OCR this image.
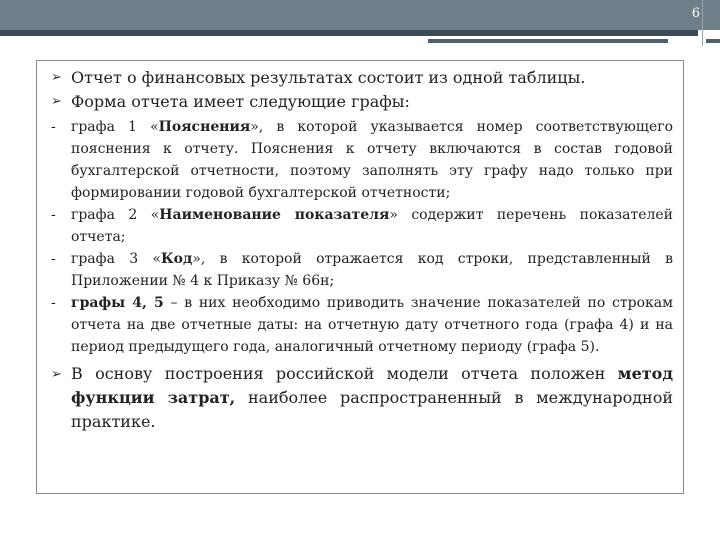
6

➢ Отчет о финансовых результатах состоит из одной таблицы.

➢ Форма отчета имеет следующие графы:

- графа 1 «Пояснения», в которой указывается номер соответствующего пояснения к отчету. Пояснения к отчету включаются в состав годовой бухгалтерской отчетности, поэтому заполнять эту графу надо только при формировании годовой бухгалтерской отчетности;

- графа 2 «Наименование показателя» содержит перечень показателей отчета;

- графа 3 «Код», в которой отражается код строки, представленный в Приложении № 4 к Приказу № 66н;

- графы 4, 5 – в них необходимо приводить значение показателей по строкам отчета на две отчетные даты: на отчетную дату отчетного года (графа 4) и на период предыдущего года, аналогичный отчетному периоду (графа 5).

➢ В основу построения российской модели отчета положен метод функции затрат, наиболее распространенный в международной практике.
